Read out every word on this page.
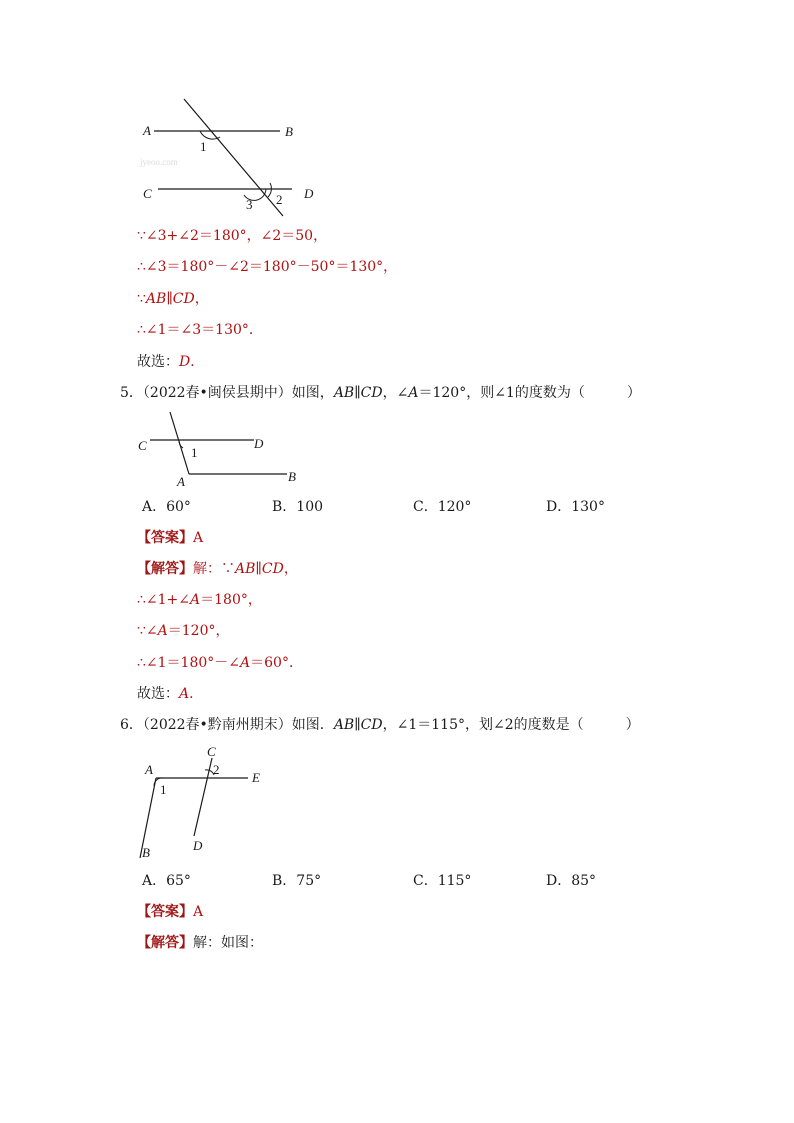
A	B
C	D
1
2
3
jyeoo.com
∵∠3+∠2＝180°，∠2＝50，
∴∠3＝180°－∠2＝180°－50°＝130°，
∵AB∥CD，
∴∠1＝∠3＝130°．
故选：D．
5．（2022春•闽侯县期中）如图，AB∥CD，∠A＝120°，则∠1的度数为（	）
C	D
1
A	B
A．60°	B．100	C．120°	D．130°
【答案】A
【解答】解：∵AB∥CD，
∴∠1+∠A＝180°，
∵∠A＝120°，
∴∠1＝180°－∠A＝60°．
故选：A．
6．（2022春•黔南州期末）如图．AB∥CD，∠1＝115°，划∠2的度数是（	）
A
C
2
E
1
D
B
A．65°	B．75°	C．115°	D．85°
【答案】A
【解答】解：如图：
